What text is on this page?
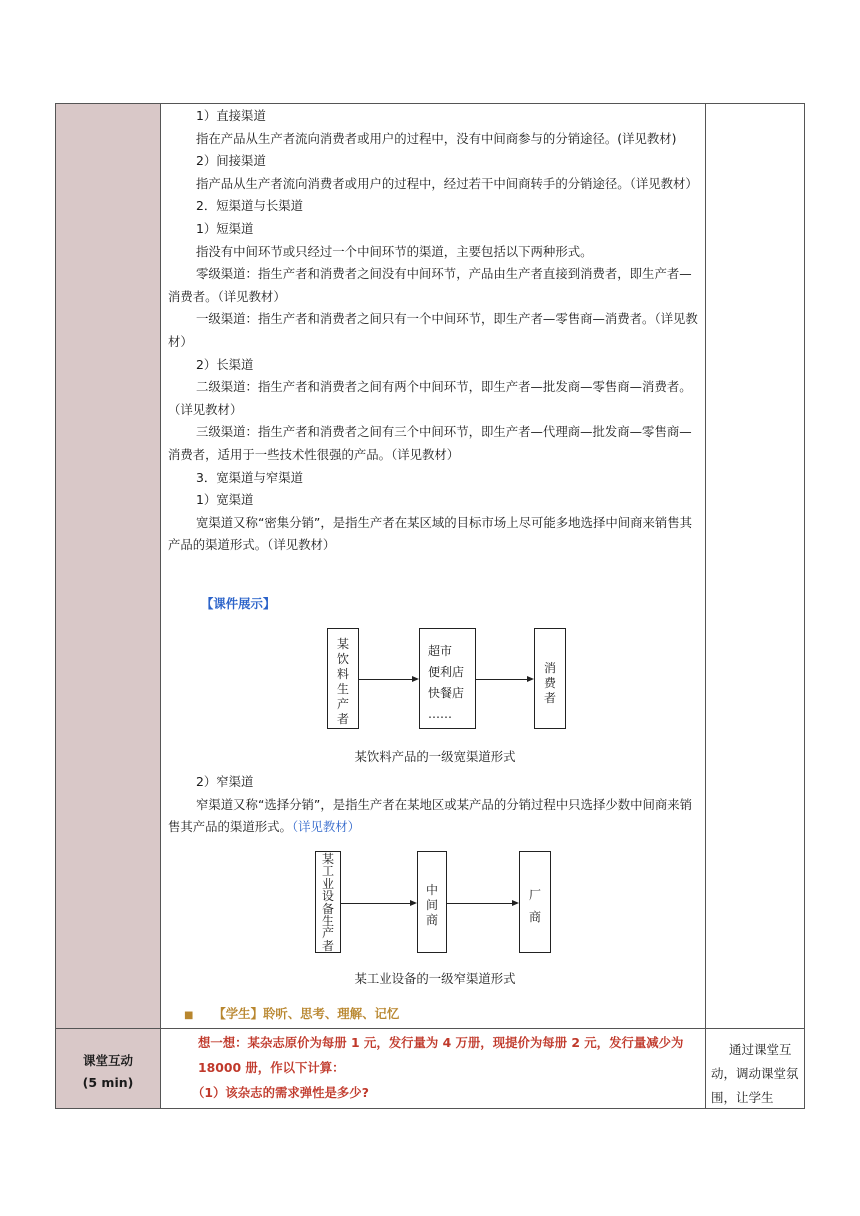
1）直接渠道

指在产品从生产者流向消费者或用户的过程中，没有中间商参与的分销途径。(详见教材)

2）间接渠道

指产品从生产者流向消费者或用户的过程中，经过若干中间商转手的分销途径。（详见教材）

2．短渠道与长渠道

1）短渠道

指没有中间环节或只经过一个中间环节的渠道，主要包括以下两种形式。

零级渠道：指生产者和消费者之间没有中间环节，产品由生产者直接到消费者，即生产者—消费者。（详见教材）

一级渠道：指生产者和消费者之间只有一个中间环节，即生产者—零售商—消费者。（详见教材）

2）长渠道

二级渠道：指生产者和消费者之间有两个中间环节，即生产者—批发商—零售商—消费者。（详见教材）

三级渠道：指生产者和消费者之间有三个中间环节，即生产者—代理商—批发商—零售商—消费者，适用于一些技术性很强的产品。（详见教材）

3．宽渠道与窄渠道

1）宽渠道

宽渠道又称“密集分销”，是指生产者在某区域的目标市场上尽可能多地选择中间商来销售其产品的渠道形式。（详见教材）

【课件展示】
某
饮
料
生
产
者
超市
便利店
快餐店
……
消
费
者
某饮料产品的一级宽渠道形式

2）窄渠道

窄渠道又称“选择分销”，是指生产者在某地区或某产品的分销过程中只选择少数中间商来销售其产品的渠道形式。（详见教材）

某
工
业
设
备
生
产
者
中
间
商
厂
商
某工业设备的一级窄渠道形式
■ 【学生】聆听、思考、理解、记忆
课堂互动
(5 min)
想一想：某杂志原价为每册 1 元，发行量为 4 万册，现提价为每册 2 元，发行量减少为 18000 册，作以下计算：
（1）该杂志的需求弹性是多少?
通过课堂互动，调动课堂氛围，让学生
